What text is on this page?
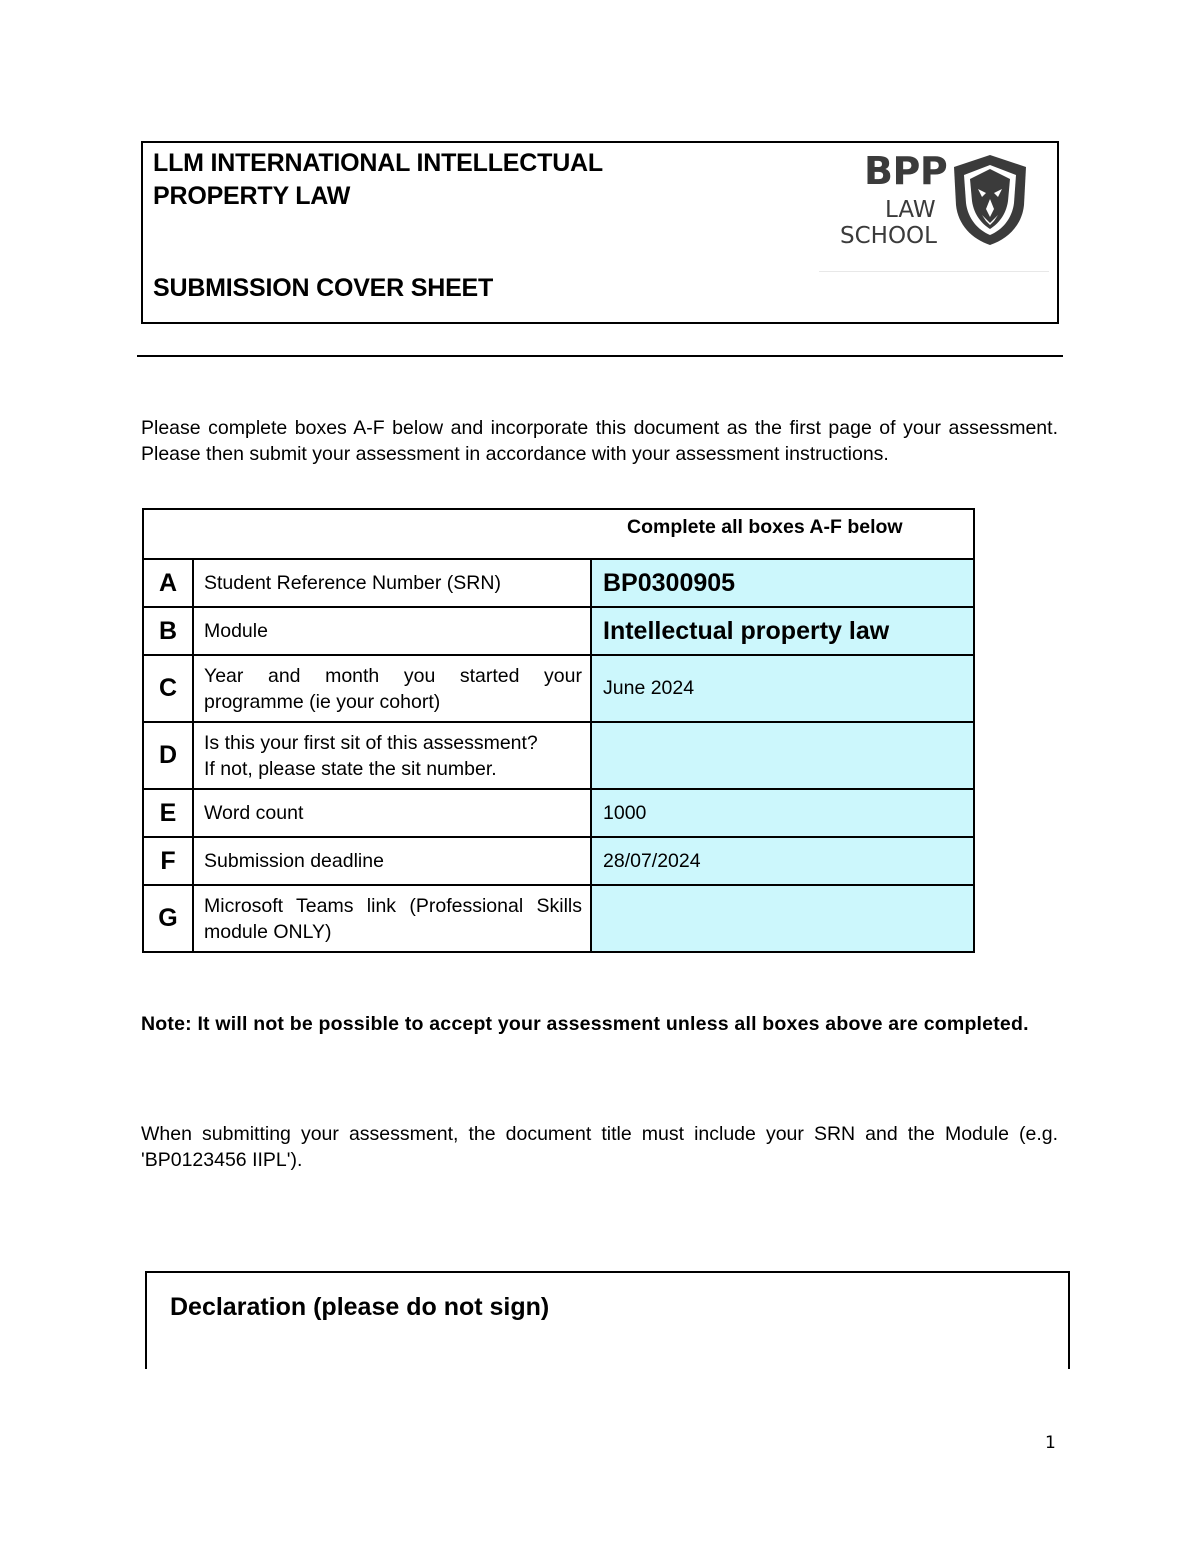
LLM INTERNATIONAL INTELLECTUAL
PROPERTY LAW
SUBMISSION COVER SHEET
BPP
LAW
SCHOOL
Please complete boxes A-F below and incorporate this document as the first page of your assessment. Please then submit your assessment in accordance with your assessment instructions.
Complete all boxes A-F below		

A	Student Reference Number (SRN)	BP0300905
B	Module	Intellectual property law
C	Year and month you started your programme (ie your cohort)	June 2024
D	Is this your first sit of this assessment?
If not, please state the sit number.	

E	Word count	1000
F	Submission deadline	28/07/2024
G	Microsoft Teams link (Professional Skills module ONLY)	
Note: It will not be possible to accept your assessment unless all boxes above are completed.
When submitting your assessment, the document title must include your SRN and the Module (e.g. 'BP0123456 IIPL').
Declaration (please do not sign)
1
